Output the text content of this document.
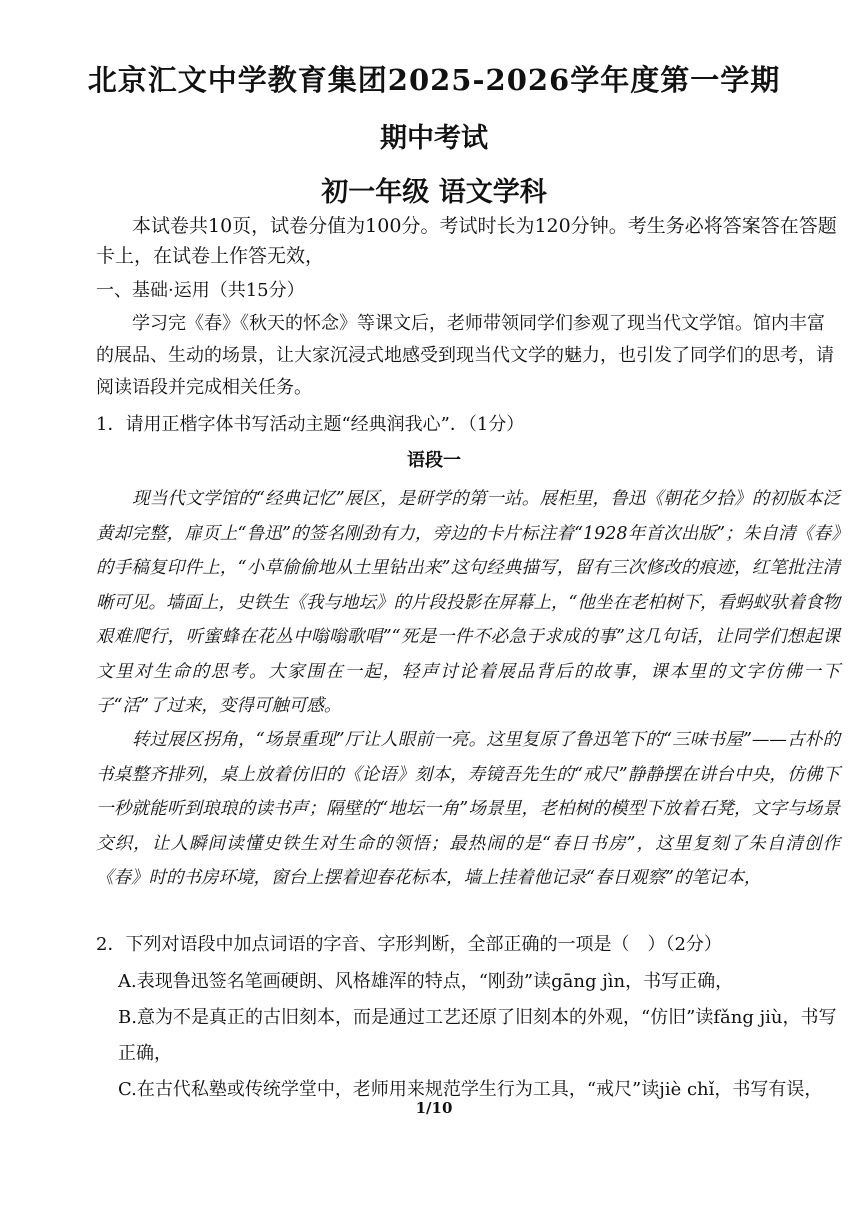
北京汇文中学教育集团2025-2026学年度第一学期
期中考试
初一年级 语文学科
本试卷共10页，试卷分值为100分。考试时长为120分钟。考生务必将答案答在答题卡上，在试卷上作答无效，
一、基础·运用（共15分）
学习完《春》《秋天的怀念》等课文后，老师带领同学们参观了现当代文学馆。馆内丰富的展品、生动的场景，让大家沉浸式地感受到现当代文学的魅力，也引发了同学们的思考，请阅读语段并完成相关任务。
1．请用正楷字体书写活动主题“经典润我心”．（1分）
语段一
现当代文学馆的“经典记忆”展区，是研学的第一站。展柜里，鲁迅《朝花夕拾》的初版本泛黄却完整，扉页上“鲁迅”的签名刚劲有力，旁边的卡片标注着“1928年首次出版”；朱自清《春》的手稿复印件上，“小草偷偷地从土里钻出来”这句经典描写，留有三次修改的痕迹，红笔批注清晰可见。墙面上，史铁生《我与地坛》的片段投影在屏幕上，“他坐在老柏树下，看蚂蚁驮着食物艰难爬行，听蜜蜂在花丛中嗡嗡歌唱”“死是一件不必急于求成的事”这几句话，让同学们想起课文里对生命的思考。大家围在一起，轻声讨论着展品背后的故事，课本里的文字仿佛一下子“活”了过来，变得可触可感。
转过展区拐角，“场景重现”厅让人眼前一亮。这里复原了鲁迅笔下的“三味书屋”——古朴的书桌整齐排列，桌上放着仿旧的《论语》刻本，寿镜吾先生的“戒尺”静静摆在讲台中央，仿佛下一秒就能听到琅琅的读书声；隔壁的“地坛一角”场景里，老柏树的模型下放着石凳，文字与场景交织，让人瞬间读懂史铁生对生命的领悟；最热闹的是“春日书房”，这里复刻了朱自清创作《春》时的书房环境，窗台上摆着迎春花标本，墙上挂着他记录“春日观察”的笔记本，
2．下列对语段中加点词语的字音、字形判断，全部正确的一项是（　）（2分）
A.表现鲁迅签名笔画硬朗、风格雄浑的特点，“刚劲”读gāng jìn，书写正确，
B.意为不是真正的古旧刻本，而是通过工艺还原了旧刻本的外观，“仿旧”读fǎng jiù，书写正确，
C.在古代私塾或传统学堂中，老师用来规范学生行为工具，“戒尺”读jiè chǐ，书写有误，
1/10
